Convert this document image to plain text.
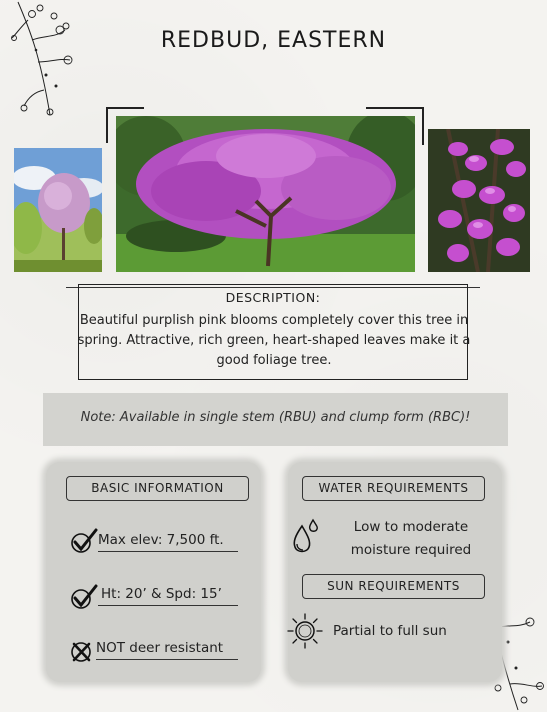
REDBUD, EASTERN
DESCRIPTION:
Beautiful purplish pink blooms completely cover this tree in spring. Attractive, rich green, heart-shaped leaves make it a good foliage tree.
Note: Available in single stem (RBU) and clump form (RBC)!
BASIC INFORMATION	WATER REQUIREMENTS
SUN REQUIREMENTS
Max elev: 7,500 ft.
Ht: 20’ & Spd: 15’
NOT deer resistant
Low to moderate moisture required
Partial to full sun
